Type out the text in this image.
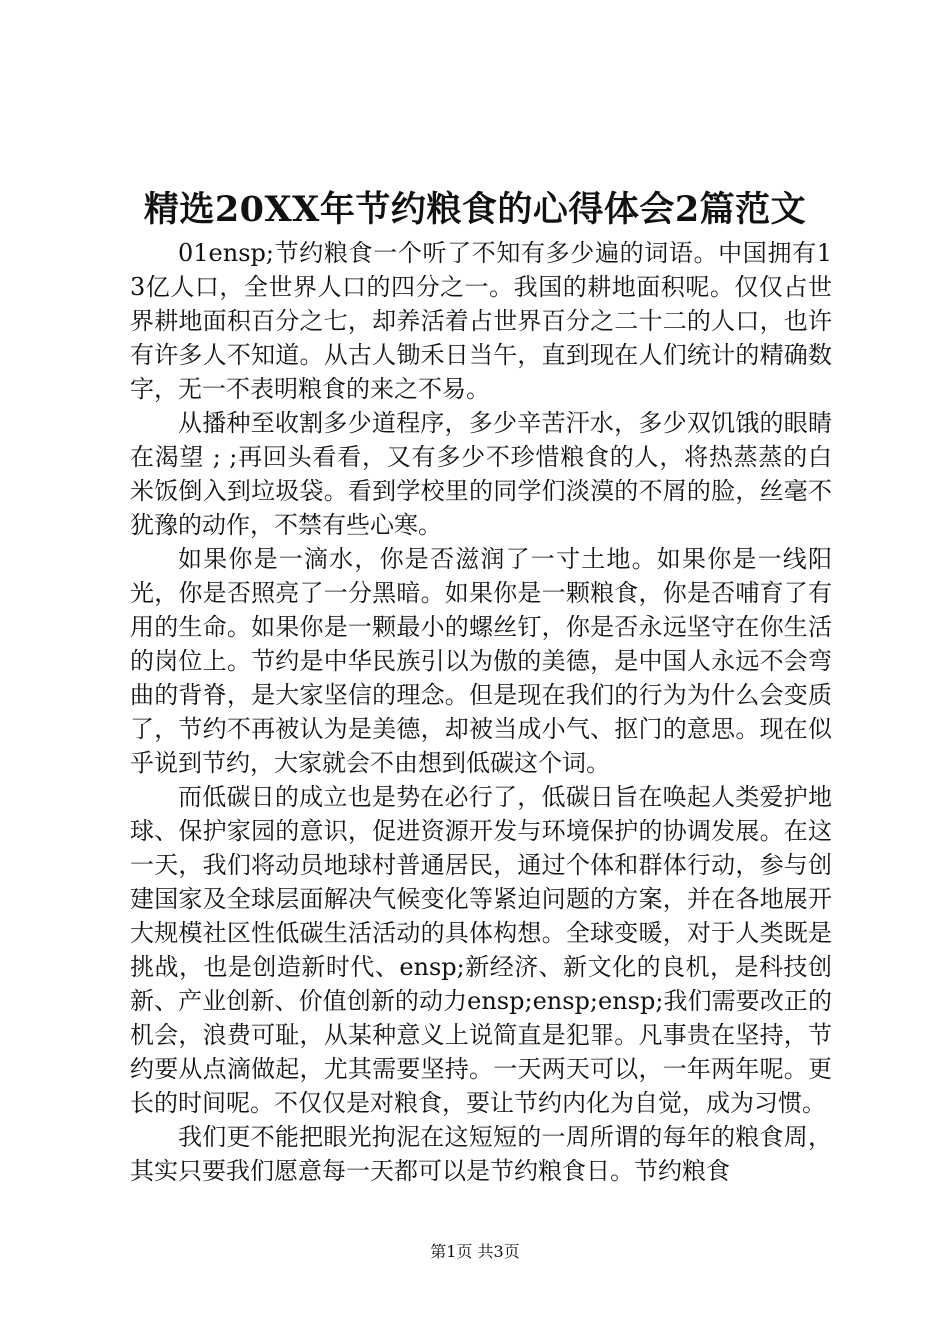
精选20XX年节约粮食的心得体会2篇范文

01ensp;节约粮食一个听了不知有多少遍的词语。中国拥有13亿人口，全世界人口的四分之一。我国的耕地面积呢。仅仅占世界耕地面积百分之七，却养活着占世界百分之二十二的人口，也许有许多人不知道。从古人锄禾日当午，直到现在人们统计的精确数字，无一不表明粮食的来之不易。

从播种至收割多少道程序，多少辛苦汗水，多少双饥饿的眼睛在渴望 ; ;再回头看看，又有多少不珍惜粮食的人，将热蒸蒸的白米饭倒入到垃圾袋。看到学校里的同学们淡漠的不屑的脸，丝毫不犹豫的动作，不禁有些心寒。

如果你是一滴水，你是否滋润了一寸土地。如果你是一线阳光，你是否照亮了一分黑暗。如果你是一颗粮食，你是否哺育了有用的生命。如果你是一颗最小的螺丝钉，你是否永远坚守在你生活的岗位上。节约是中华民族引以为傲的美德，是中国人永远不会弯曲的背脊，是大家坚信的理念。但是现在我们的行为为什么会变质了，节约不再被认为是美德，却被当成小气、抠门的意思。现在似乎说到节约，大家就会不由想到低碳这个词。

而低碳日的成立也是势在必行了，低碳日旨在唤起人类爱护地球、保护家园的意识，促进资源开发与环境保护的协调发展。在这一天，我们将动员地球村普通居民，通过个体和群体行动，参与创建国家及全球层面解决气候变化等紧迫问题的方案，并在各地展开大规模社区性低碳生活活动的具体构想。全球变暖，对于人类既是挑战，也是创造新时代、ensp;新经济、新文化的良机，是科技创新、产业创新、价值创新的动力ensp;ensp;ensp;我们需要改正的机会，浪费可耻，从某种意义上说简直是犯罪。凡事贵在坚持，节约要从点滴做起，尤其需要坚持。一天两天可以，一年两年呢。更长的时间呢。不仅仅是对粮食，要让节约内化为自觉，成为习惯。

我们更不能把眼光拘泥在这短短的一周所谓的每年的粮食周，其实只要我们愿意每一天都可以是节约粮食日。节约粮食

第1页 共3页
